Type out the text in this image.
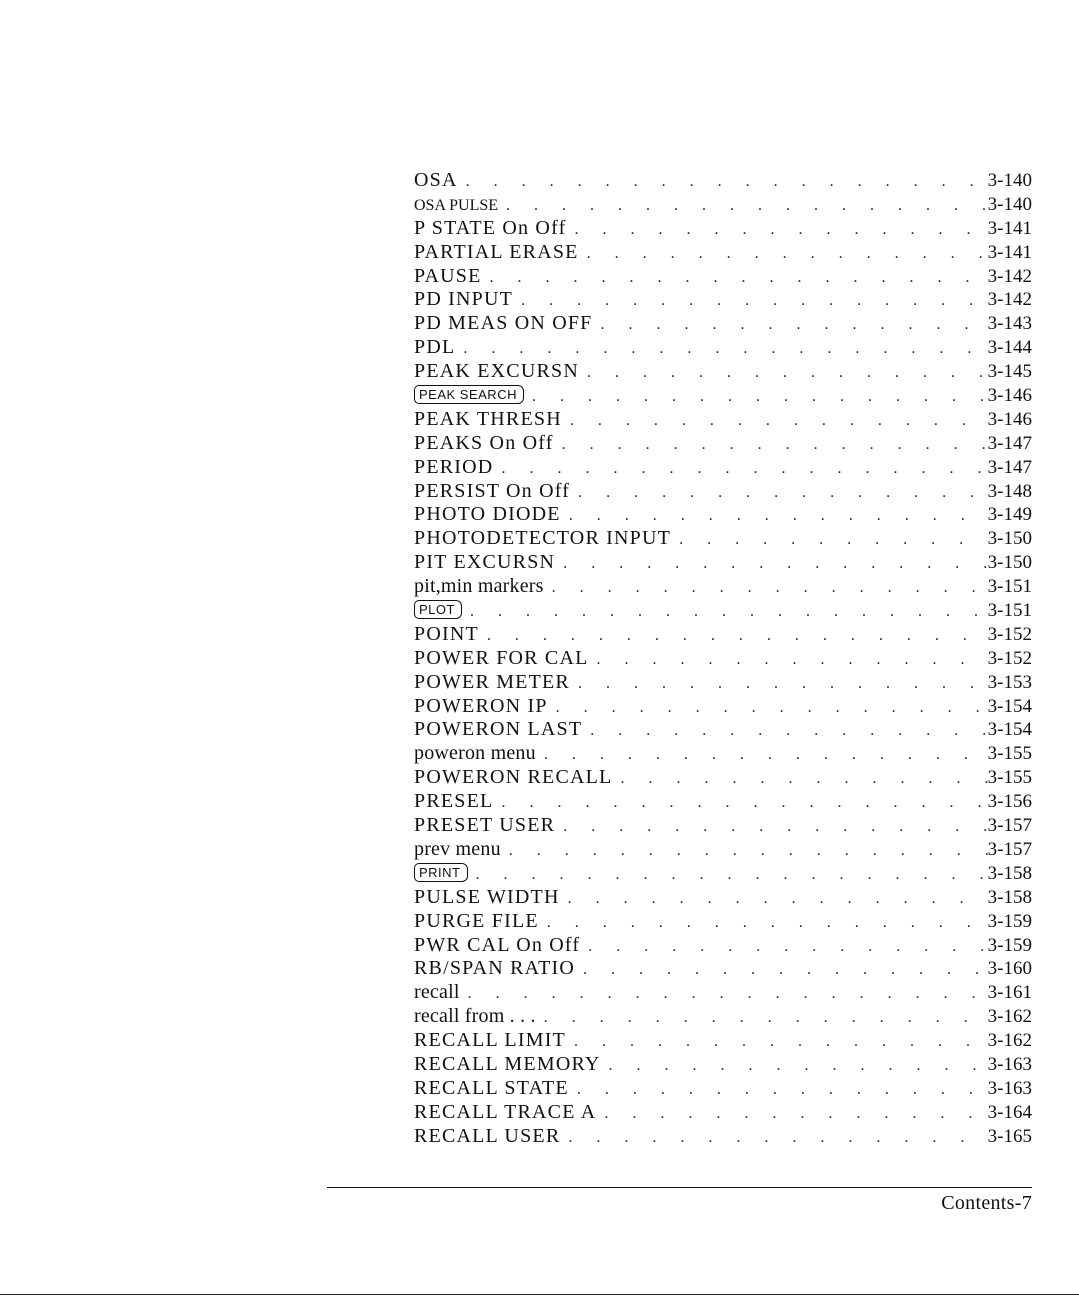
OSA . . .	3-140
OSA PULSE . . .	3-140
P STATE On Off . . .	3-141
PARTIAL ERASE . . .	3-141
PAUSE . . .	3-142
PD INPUT . . .	3-142
PD MEAS ON OFF . . .	3-143
PDL . . .	3-144
PEAK EXCURSN . . .	3-145
PEAK SEARCH . . .	3-146
PEAK THRESH . . .	3-146
PEAKS On Off . . .	3-147
PERIOD . . .	3-147
PERSIST On Off . . .	3-148
PHOTO DIODE . . .	3-149
PHOTODETECTOR INPUT . . .	3-150
PIT EXCURSN . . .	3-150
pit,min markers . . .	3-151
PLOT . . .	3-151
POINT . . .	3-152
POWER FOR CAL . . .	3-152
POWER METER . . .	3-153
POWERON IP . . .	3-154
POWERON LAST . . .	3-154
poweron menu . . .	3-155
POWERON RECALL . . .	3-155
PRESEL . . .	3-156
PRESET USER . . .	3-157
prev menu . . .	3-157
PRINT . . .	3-158
PULSE WIDTH . . .	3-158
PURGE FILE . . .	3-159
PWR CAL On Off . . .	3-159
RB/SPAN RATIO . . .	3-160
recall . . .	3-161
recall from . . . . . .	3-162
RECALL LIMIT . . .	3-162
RECALL MEMORY . . .	3-163
RECALL STATE . . .	3-163
RECALL TRACE A . . .	3-164
RECALL USER . . .	3-165
Contents-7
